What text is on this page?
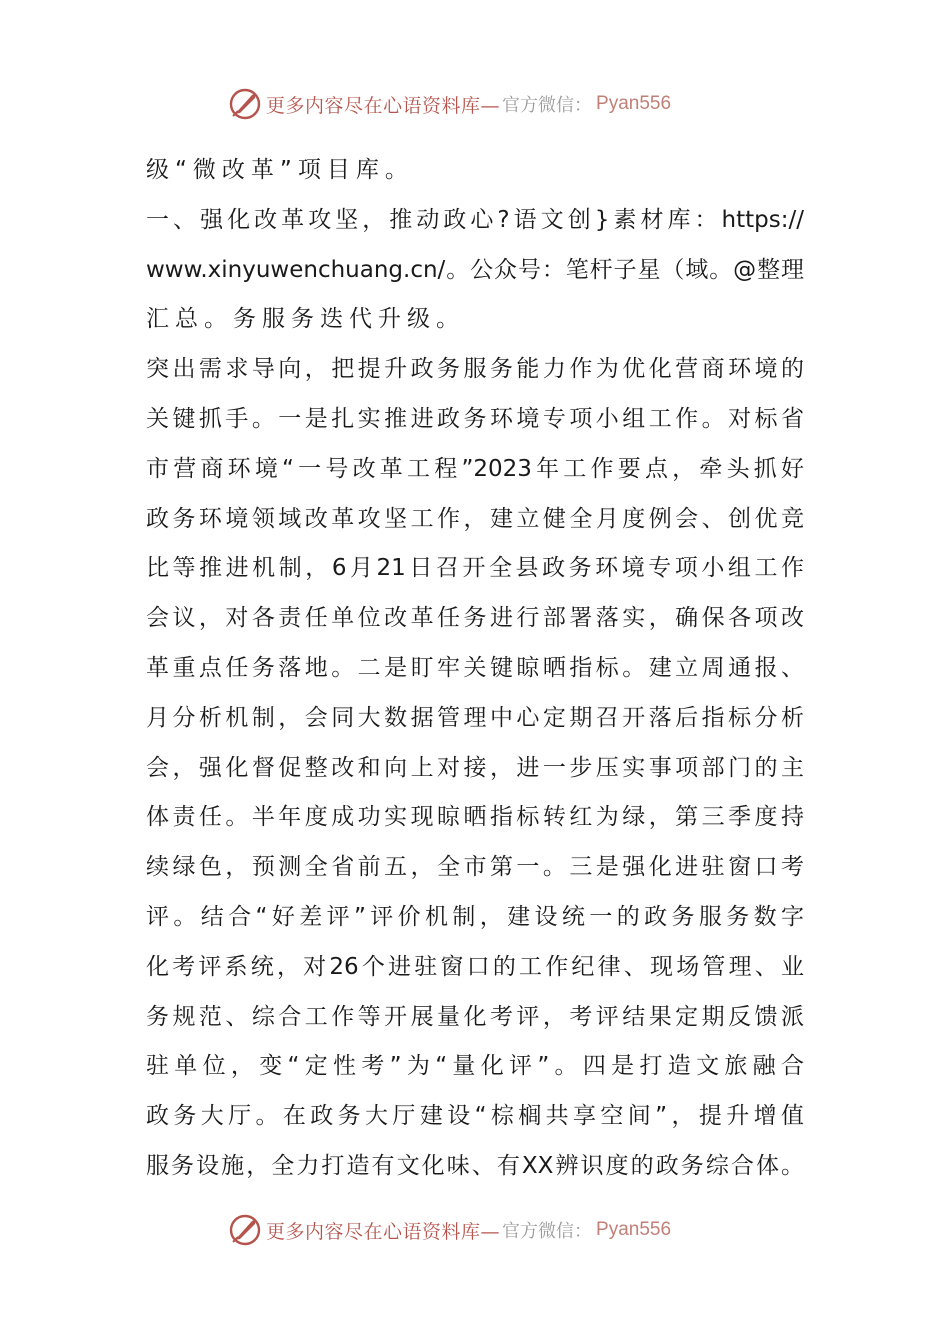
更多内容尽在心语资料库— 官方微信： Pyan556
级“微改革”项目库。
一、强化改革攻坚，推动政心?语文创}素材库：https://
www.xinyuwenchuang.cn/。公众号：笔杆子星（域。@整理
汇总。务服务迭代升级。
突出需求导向，把提升政务服务能力作为优化营商环境的
关键抓手。一是扎实推进政务环境专项小组工作。对标省
市营商环境“一号改革工程”2023年工作要点，牵头抓好
政务环境领域改革攻坚工作，建立健全月度例会、创优竞
比等推进机制，6月21日召开全县政务环境专项小组工作
会议，对各责任单位改革任务进行部署落实，确保各项改
革重点任务落地。二是盯牢关键晾晒指标。建立周通报、
月分析机制，会同大数据管理中心定期召开落后指标分析
会，强化督促整改和向上对接，进一步压实事项部门的主
体责任。半年度成功实现晾晒指标转红为绿，第三季度持
续绿色，预测全省前五，全市第一。三是强化进驻窗口考
评。结合“好差评”评价机制，建设统一的政务服务数字
化考评系统，对26个进驻窗口的工作纪律、现场管理、业
务规范、综合工作等开展量化考评，考评结果定期反馈派
驻单位，变“定性考”为“量化评”。四是打造文旅融合
政务大厅。在政务大厅建设“棕榈共享空间”，提升增值
服务设施，全力打造有文化味、有XX辨识度的政务综合体。
更多内容尽在心语资料库— 官方微信： Pyan556
